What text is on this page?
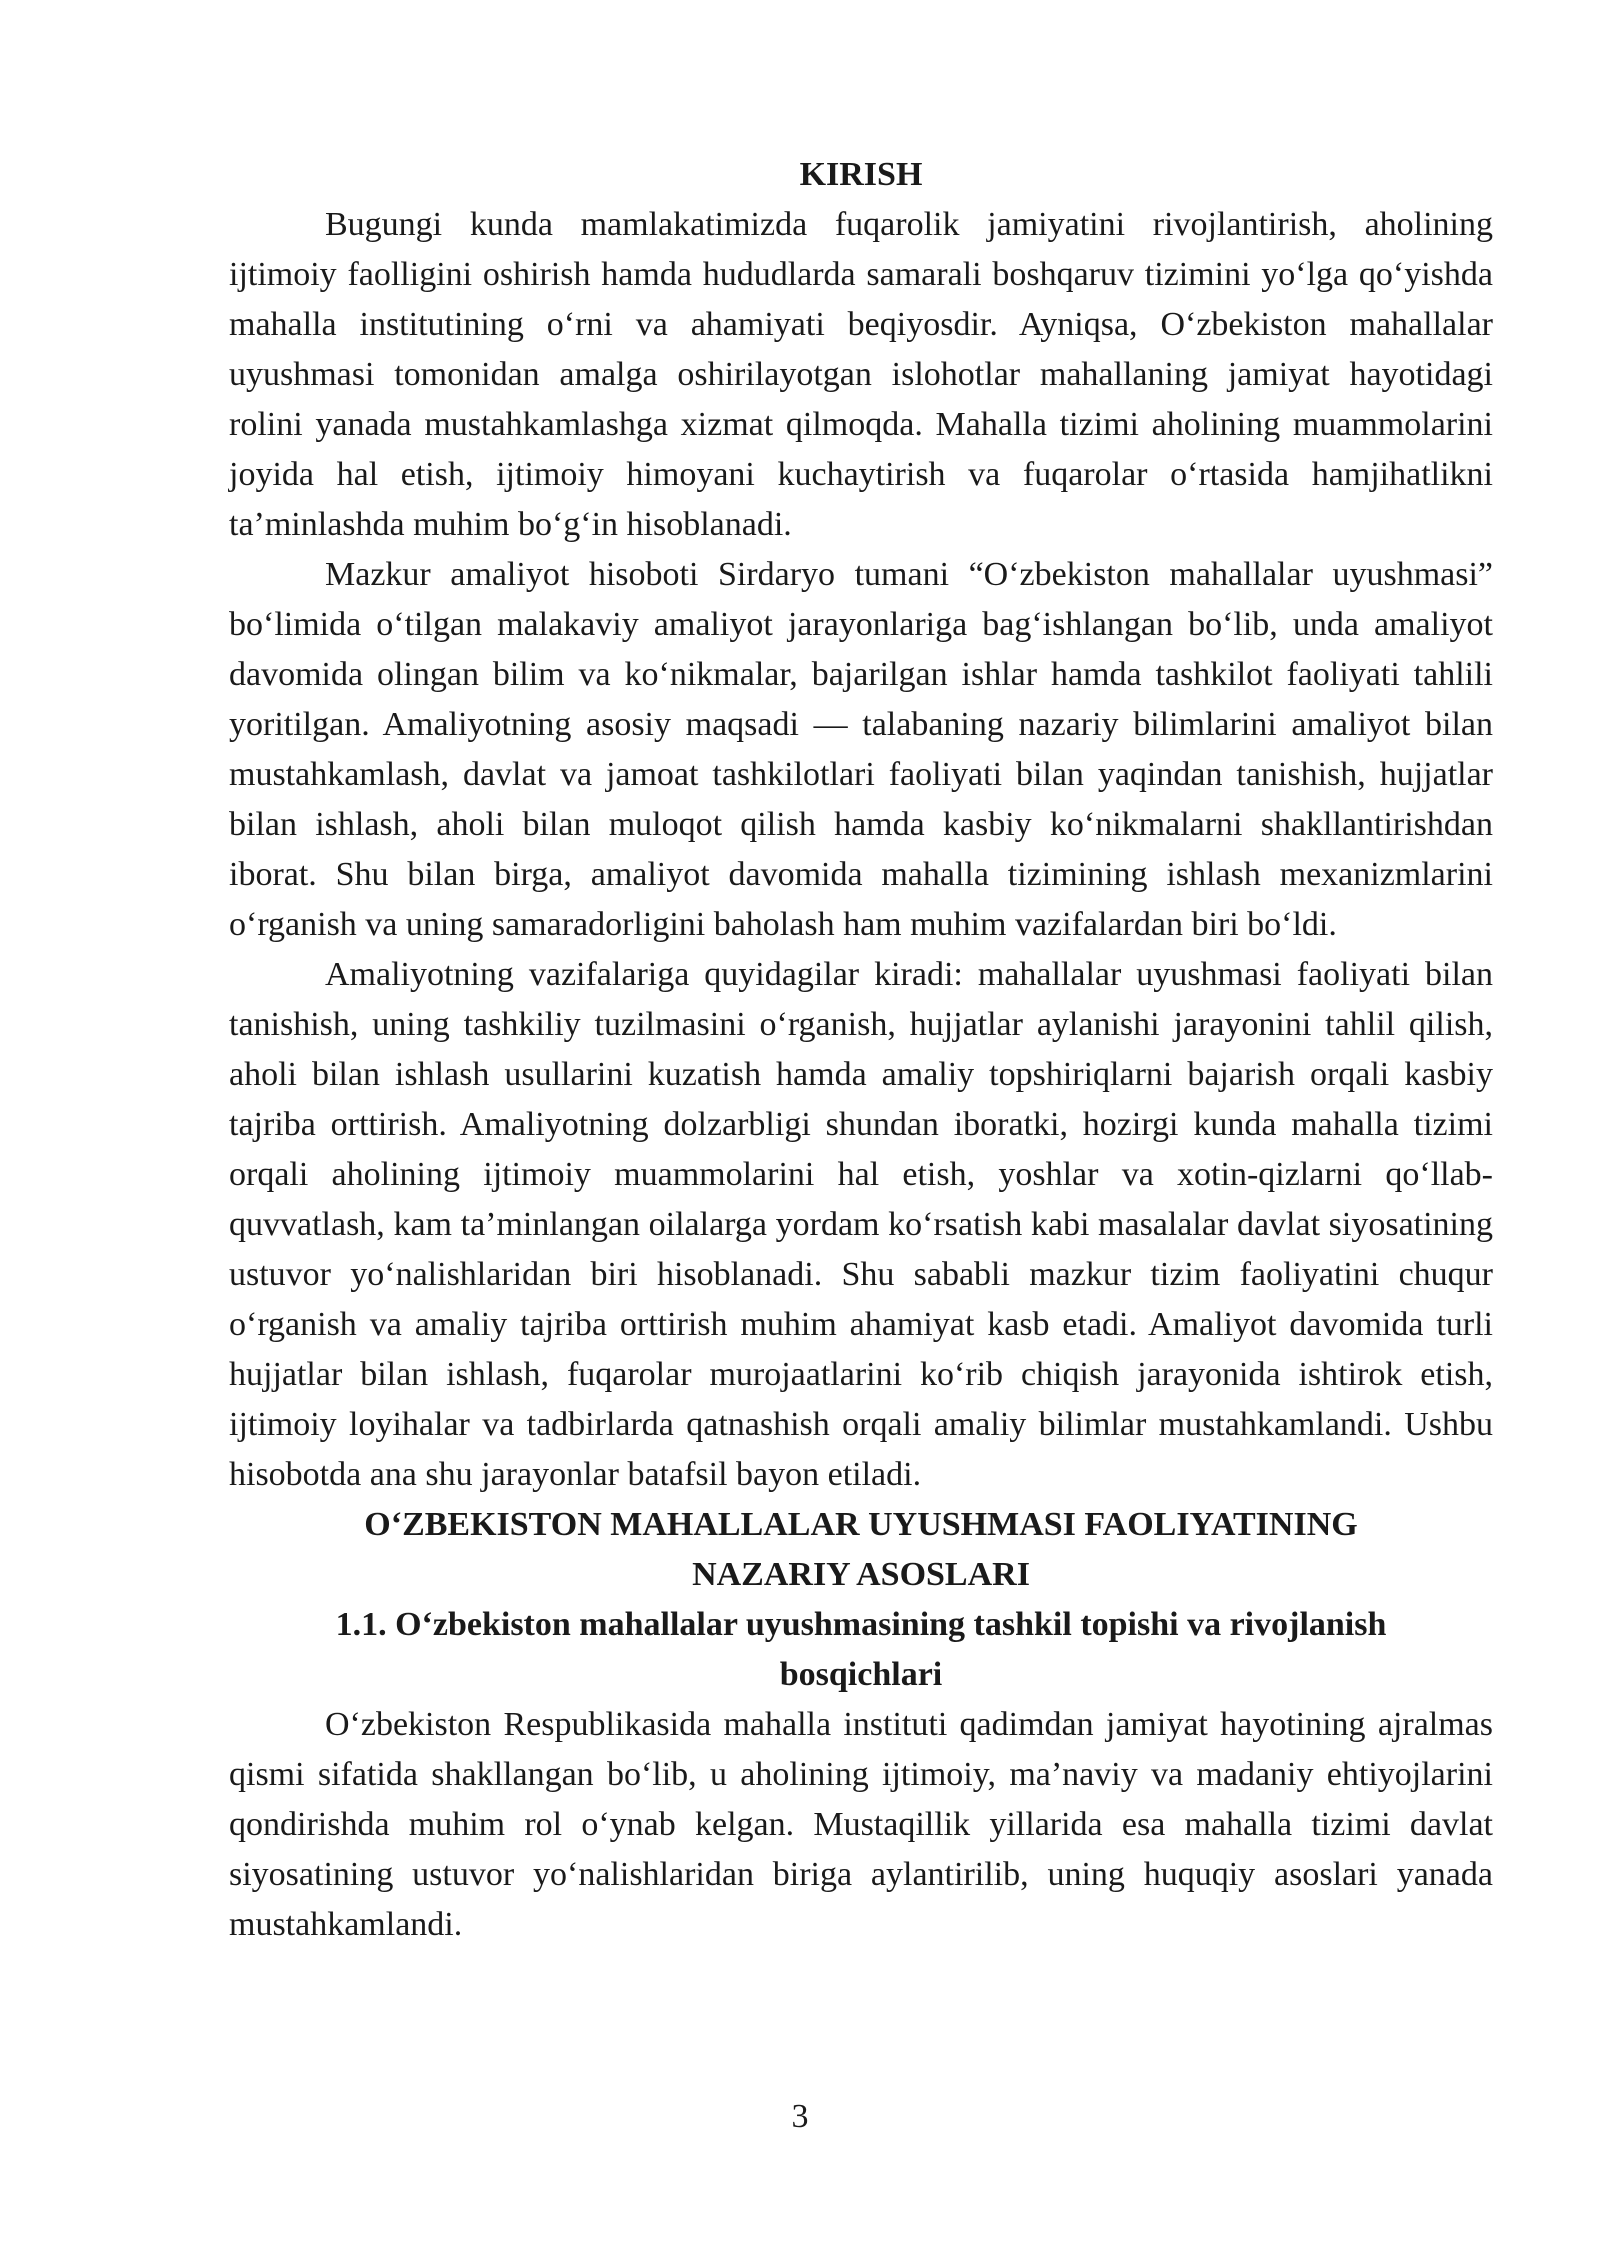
KIRISH

Bugungi kunda mamlakatimizda fuqarolik jamiyatini rivojlantirish, aholining ijtimoiy faolligini oshirish hamda hududlarda samarali boshqaruv tizimini yo‘lga qo‘yishda mahalla institutining o‘rni va ahamiyati beqiyosdir. Ayniqsa, O‘zbekiston mahallalar uyushmasi tomonidan amalga oshirilayotgan islohotlar mahallaning jamiyat hayotidagi rolini yanada mustahkamlashga xizmat qilmoqda. Mahalla tizimi aholining muammolarini joyida hal etish, ijtimoiy himoyani kuchaytirish va fuqarolar o‘rtasida hamjihatlikni ta’minlashda muhim bo‘g‘in hisoblanadi.

Mazkur amaliyot hisoboti Sirdaryo tumani “O‘zbekiston mahallalar uyushmasi” bo‘limida o‘tilgan malakaviy amaliyot jarayonlariga bag‘ishlangan bo‘lib, unda amaliyot davomida olingan bilim va ko‘nikmalar, bajarilgan ishlar hamda tashkilot faoliyati tahlili yoritilgan. Amaliyotning asosiy maqsadi — talabaning nazariy bilimlarini amaliyot bilan mustahkamlash, davlat va jamoat tashkilotlari faoliyati bilan yaqindan tanishish, hujjatlar bilan ishlash, aholi bilan muloqot qilish hamda kasbiy ko‘nikmalarni shakllantirishdan iborat. Shu bilan birga, amaliyot davomida mahalla tizimining ishlash mexanizmlarini o‘rganish va uning samaradorligini baholash ham muhim vazifalardan biri bo‘ldi.

Amaliyotning vazifalariga quyidagilar kiradi: mahallalar uyushmasi faoliyati bilan tanishish, uning tashkiliy tuzilmasini o‘rganish, hujjatlar aylanishi jarayonini tahlil qilish, aholi bilan ishlash usullarini kuzatish hamda amaliy topshiriqlarni bajarish orqali kasbiy tajriba orttirish. Amaliyotning dolzarbligi shundan iboratki, hozirgi kunda mahalla tizimi orqali aholining ijtimoiy muammolarini hal etish, yoshlar va xotin-qizlarni qo‘llab-quvvatlash, kam ta’minlangan oilalarga yordam ko‘rsatish kabi masalalar davlat siyosatining ustuvor yo‘nalishlaridan biri hisoblanadi. Shu sababli mazkur tizim faoliyatini chuqur o‘rganish va amaliy tajriba orttirish muhim ahamiyat kasb etadi. Amaliyot davomida turli hujjatlar bilan ishlash, fuqarolar murojaatlarini ko‘rib chiqish jarayonida ishtirok etish, ijtimoiy loyihalar va tadbirlarda qatnashish orqali amaliy bilimlar mustahkamlandi. Ushbu hisobotda ana shu jarayonlar batafsil bayon etiladi.

O‘ZBEKISTON MAHALLALAR UYUSHMASI FAOLIYATINING
NAZARIY ASOSLARI
1.1. O‘zbekiston mahallalar uyushmasining tashkil topishi va rivojlanish
bosqichlari

O‘zbekiston Respublikasida mahalla instituti qadimdan jamiyat hayotining ajralmas qismi sifatida shakllangan bo‘lib, u aholining ijtimoiy, ma’naviy va madaniy ehtiyojlarini qondirishda muhim rol o‘ynab kelgan. Mustaqillik yillarida esa mahalla tizimi davlat siyosatining ustuvor yo‘nalishlaridan biriga aylantirilib, uning huquqiy asoslari yanada mustahkamlandi.

3
